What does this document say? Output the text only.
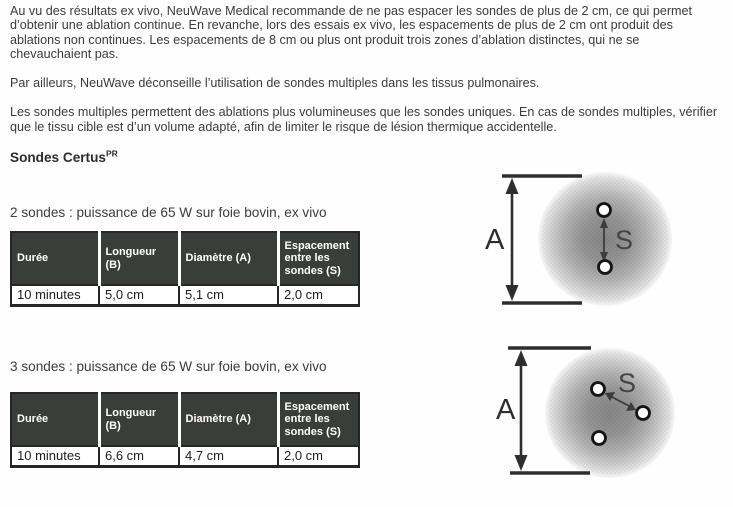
Au vu des résultats ex vivo, NeuWave Medical recommande de ne pas espacer les sondes de plus de 2 cm, ce qui permet d’obtenir une ablation continue. En revanche, lors des essais ex vivo, les espacements de plus de 2 cm ont produit des ablations non continues. Les espacements de 8 cm ou plus ont produit trois zones d’ablation distinctes, qui ne se chevauchaient pas.

Par ailleurs, NeuWave déconseille l’utilisation de sondes multiples dans les tissus pulmonaires.

Les sondes multiples permettent des ablations plus volumineuses que les sondes uniques. En cas de sondes multiples, vérifier que le tissu cible est d’un volume adapté, afin de limiter le risque de lésion thermique accidentelle.

Sondes Certus$^{PR}$
2 sondes : puissance de 65 W sur foie bovin, ex vivo
Durée	Longueur (B)	Diamètre (A)	Espacement entre les sondes (S)
10 minutes	5,0 cm	5,1 cm	2,0 cm
A	S
3 sondes : puissance de 65 W sur foie bovin, ex vivo
Durée	Longueur (B)	Diamètre (A)	Espacement entre les sondes (S)
10 minutes	6,6 cm	4,7 cm	2,0 cm
A
S
